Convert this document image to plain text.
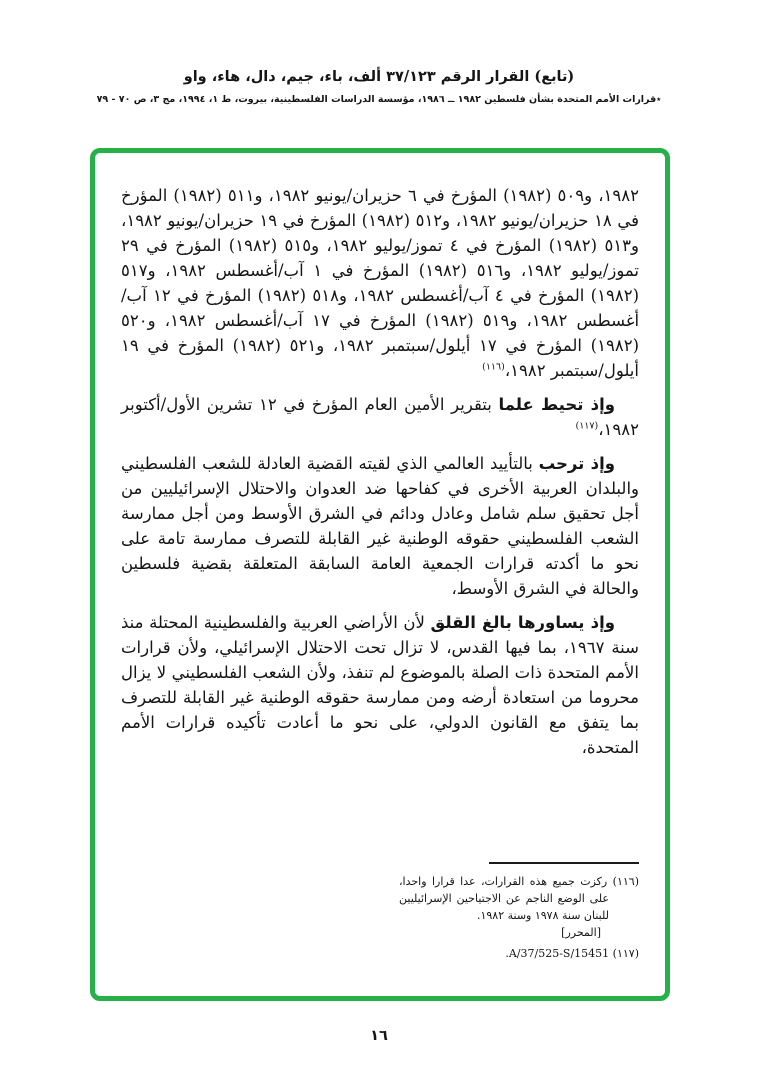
(تابع) القرار الرقم ٣٧/١٢٣ ألف، باء، جيم، دال، هاء، واو
٭قرارات الأمم المتحدة بشأن فلسطين ١٩٨٢ ــ ١٩٨٦، مؤسسة الدراسات الفلسطينية، بيروت، ط ١، ١٩٩٤، مج ٣، ص ٧٠ - ٧٩

١٩٨٢، و٥٠٩ (١٩٨٢) المؤرخ في ٦ حزيران/يونيو ١٩٨٢، و٥١١ (١٩٨٢) المؤرخ في ١٨ حزيران/يونيو ١٩٨٢، و٥١٢ (١٩٨٢) المؤرخ في ١٩ حزيران/يونيو ١٩٨٢، و٥١٣ (١٩٨٢) المؤرخ في ٤ تموز/يوليو ١٩٨٢، و٥١٥ (١٩٨٢) المؤرخ في ٢٩ تموز/يوليو ١٩٨٢، و٥١٦ (١٩٨٢) المؤرخ في ١ آب/أغسطس ١٩٨٢، و٥١٧ (١٩٨٢) المؤرخ في ٤ آب/أغسطس ١٩٨٢، و٥١٨ (١٩٨٢) المؤرخ في ١٢ آب/أغسطس ١٩٨٢، و٥١٩ (١٩٨٢) المؤرخ في ١٧ آب/أغسطس ١٩٨٢، و٥٢٠ (١٩٨٢) المؤرخ في ١٧ أيلول/سبتمبر ١٩٨٢، و٥٢١ (١٩٨٢) المؤرخ في ١٩ أيلول/سبتمبر ١٩٨٢،$^{(١١٦)}$

وإذ تحيط علما بتقرير الأمين العام المؤرخ في ١٢ تشرين الأول/أكتوبر ١٩٨٢،$^{(١١٧)}$

وإذ ترحب بالتأييد العالمي الذي لقيته القضية العادلة للشعب الفلسطيني والبلدان العربية الأخرى في كفاحها ضد العدوان والاحتلال الإسرائيليين من أجل تحقيق سلم شامل وعادل ودائم في الشرق الأوسط ومن أجل ممارسة الشعب الفلسطيني حقوقه الوطنية غير القابلة للتصرف ممارسة تامة على نحو ما أكدته قرارات الجمعية العامة السابقة المتعلقة بقضية فلسطين والحالة في الشرق الأوسط،

وإذ يساورها بالغ القلق لأن الأراضي العربية والفلسطينية المحتلة منذ سنة ١٩٦٧، بما فيها القدس، لا تزال تحت الاحتلال الإسرائيلي، ولأن قرارات الأمم المتحدة ذات الصلة بالموضوع لم تنفذ، ولأن الشعب الفلسطيني لا يزال محروما من استعادة أرضه ومن ممارسة حقوقه الوطنية غير القابلة للتصرف بما يتفق مع القانون الدولي، على نحو ما أعادت تأكيده قرارات الأمم المتحدة،

(١١٦) ركزت جميع هذه القرارات، عدا قرارا واحدا، على الوضع الناجم عن الاجتياحين الإسرائيليين للبنان سنة ١٩٧٨ وسنة ١٩٨٢.
[المحرر]
(١١٧) A/37/525-S/15451.
١٦
